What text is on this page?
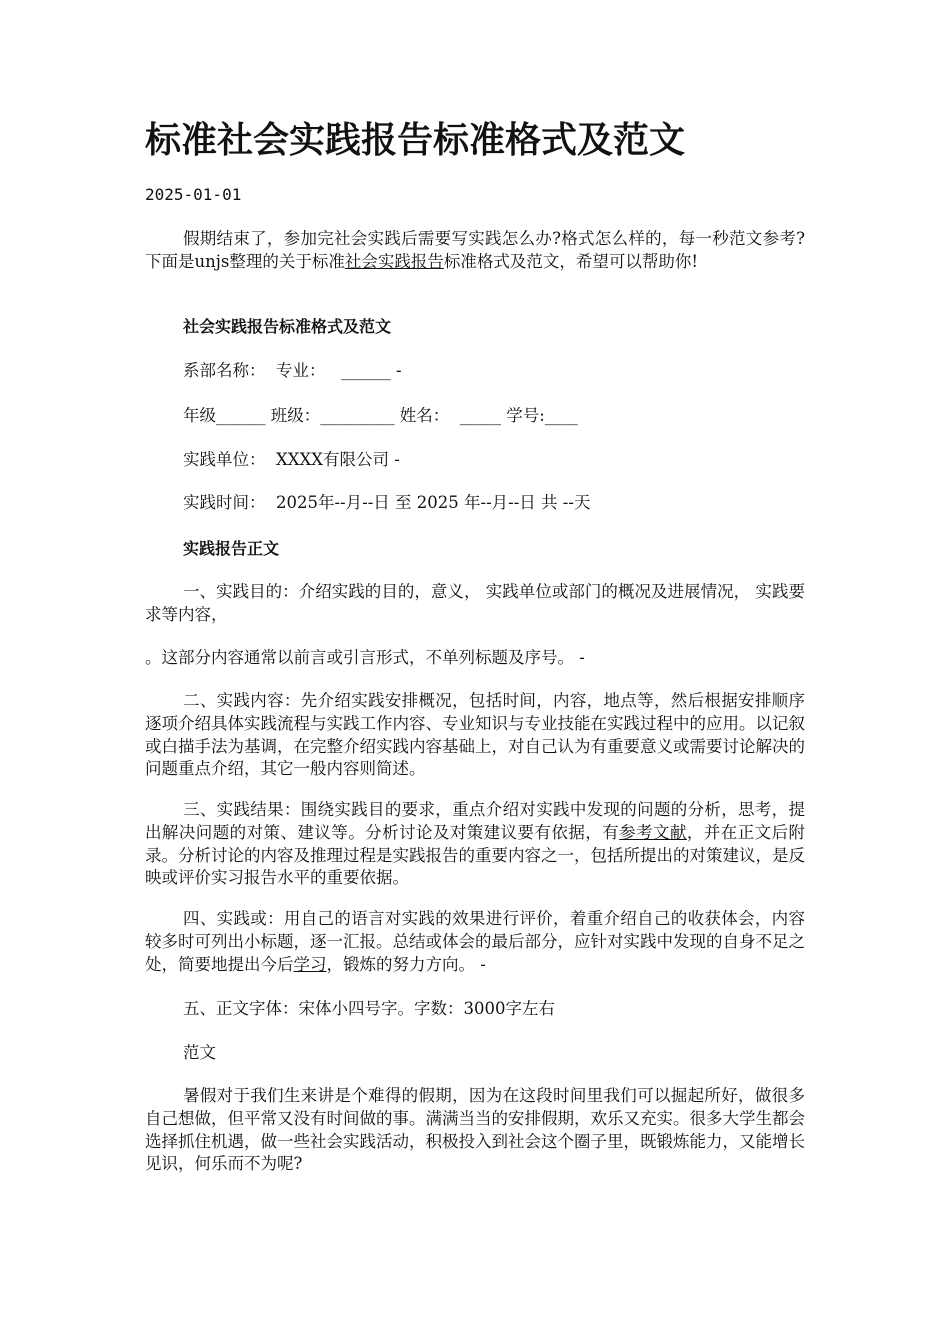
标准社会实践报告标准格式及范文
2025-01-01

假期结束了，参加完社会实践后需要写实践怎么办?格式怎么样的，每一秒范文参考?下面是unjs整理的关于标准社会实践报告标准格式及范文，希望可以帮助你!

社会实践报告标准格式及范文
系部名称：  专业：   ______ -
年级______ 班级：_________ 姓名：  _____ 学号:____
实践单位：  XXXX有限公司 -
实践时间：  2025年--月--日 至 2025 年--月--日 共 --天
实践报告正文

一、实践目的：介绍实践的目的，意义， 实践单位或部门的概况及进展情况， 实践要求等内容，

。这部分内容通常以前言或引言形式，不单列标题及序号。 -

二、实践内容：先介绍实践安排概况，包括时间，内容，地点等，然后根据安排顺序逐项介绍具体实践流程与实践工作内容、专业知识与专业技能在实践过程中的应用。以记叙或白描手法为基调，在完整介绍实践内容基础上，对自己认为有重要意义或需要讨论解决的问题重点介绍，其它一般内容则简述。

三、实践结果：围绕实践目的要求，重点介绍对实践中发现的问题的分析，思考，提出解决问题的对策、建议等。分析讨论及对策建议要有依据，有参考文献，并在正文后附录。分析讨论的内容及推理过程是实践报告的重要内容之一，包括所提出的对策建议，是反映或评价实习报告水平的重要依据。

四、实践或：用自己的语言对实践的效果进行评价，着重介绍自己的收获体会，内容较多时可列出小标题，逐一汇报。总结或体会的最后部分，应针对实践中发现的自身不足之处，简要地提出今后学习，锻炼的努力方向。 -

五、正文字体：宋体小四号字。字数：3000字左右
范文

暑假对于我们生来讲是个难得的假期，因为在这段时间里我们可以掘起所好，做很多自己想做，但平常又没有时间做的事。满满当当的安排假期，欢乐又充实。很多大学生都会选择抓住机遇，做一些社会实践活动，积极投入到社会这个圈子里，既锻炼能力，又能增长见识，何乐而不为呢?
